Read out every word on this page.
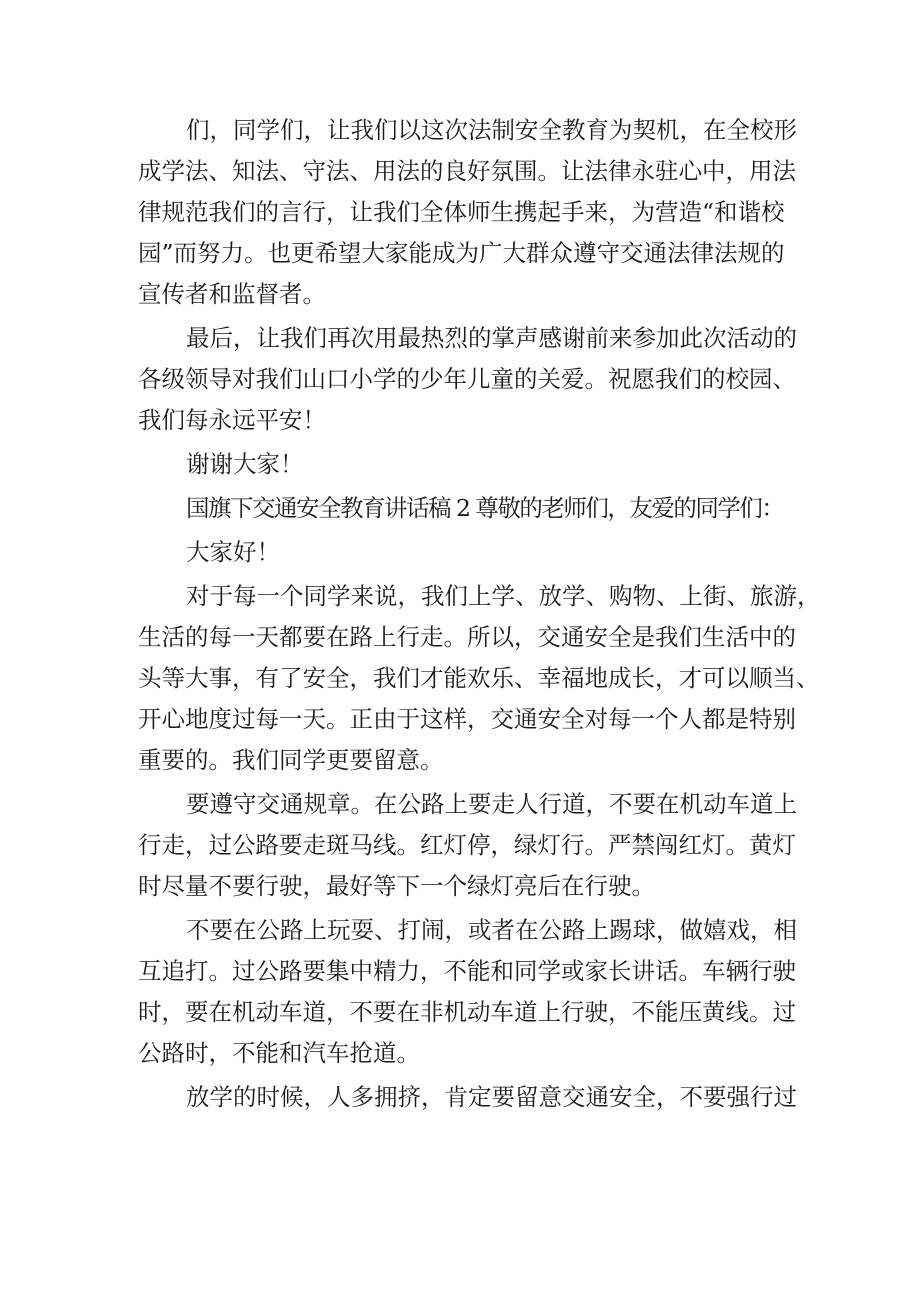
们，同学们，让我们以这次法制安全教育为契机，在全校形
成学法、知法、守法、用法的良好氛围。让法律永驻心中，用法
律规范我们的言行，让我们全体师生携起手来，为营造“和谐校
园”而努力。也更希望大家能成为广大群众遵守交通法律法规的
宣传者和监督者。
最后，让我们再次用最热烈的掌声感谢前来参加此次活动的
各级领导对我们山口小学的少年儿童的关爱。祝愿我们的校园、
我们每永远平安！
谢谢大家！
国旗下交通安全教育讲话稿 2 尊敬的老师们，友爱的同学们：
大家好！
对于每一个同学来说，我们上学、放学、购物、上街、旅游，
生活的每一天都要在路上行走。所以，交通安全是我们生活中的
头等大事，有了安全，我们才能欢乐、幸福地成长，才可以顺当、
开心地度过每一天。正由于这样，交通安全对每一个人都是特别
重要的。我们同学更要留意。
要遵守交通规章。在公路上要走人行道，不要在机动车道上
行走，过公路要走斑马线。红灯停，绿灯行。严禁闯红灯。黄灯
时尽量不要行驶，最好等下一个绿灯亮后在行驶。
不要在公路上玩耍、打闹，或者在公路上踢球，做嬉戏，相
互追打。过公路要集中精力，不能和同学或家长讲话。车辆行驶
时，要在机动车道，不要在非机动车道上行驶，不能压黄线。过
公路时，不能和汽车抢道。
放学的时候，人多拥挤，肯定要留意交通安全，不要强行过
